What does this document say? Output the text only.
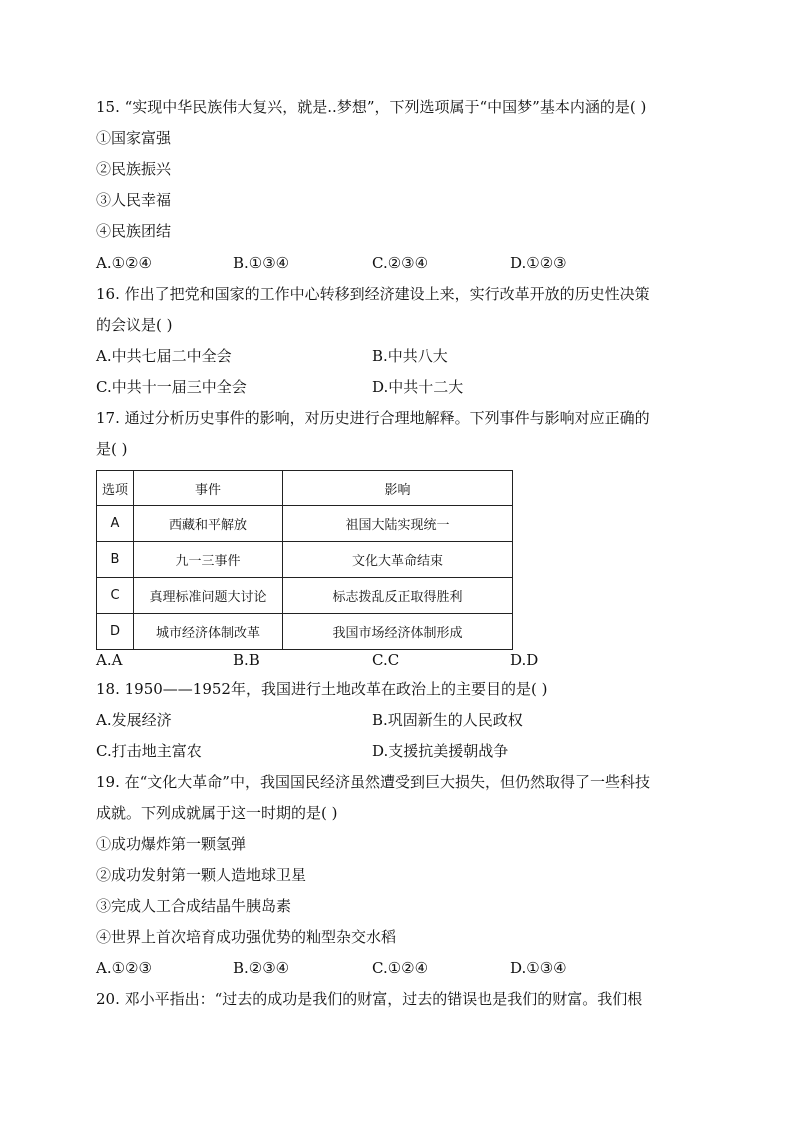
15. “实现中华民族伟大复兴，就是..梦想”，下列选项属于“中国梦”基本内涵的是( )
①国家富强
②民族振兴
③人民幸福
④民族团结
A.①②④	B.①③④	C.②③④	D.①②③
16. 作出了把党和国家的工作中心转移到经济建设上来，实行改革开放的历史性决策
的会议是( )
A.中共七届二中全会	B.中共八大
C.中共十一届三中全会	D.中共十二大
17. 通过分析历史事件的影响，对历史进行合理地解释。下列事件与影响对应正确的
是( )
选项	事件	影响
A	西藏和平解放	祖国大陆实现统一
B	九一三事件	文化大革命结束
C	真理标准问题大讨论	标志拨乱反正取得胜利
D	城市经济体制改革	我国市场经济体制形成
A.A	B.B	C.C	D.D
18. 1950——1952年，我国进行土地改革在政治上的主要目的是( )
A.发展经济	B.巩固新生的人民政权
C.打击地主富农	D.支援抗美援朝战争
19. 在“文化大革命”中，我国国民经济虽然遭受到巨大损失，但仍然取得了一些科技
成就。下列成就属于这一时期的是( )
①成功爆炸第一颗氢弹
②成功发射第一颗人造地球卫星
③完成人工合成结晶牛胰岛素
④世界上首次培育成功强优势的籼型杂交水稻
A.①②③	B.②③④	C.①②④	D.①③④
20. 邓小平指出：“过去的成功是我们的财富，过去的错误也是我们的财富。我们根
